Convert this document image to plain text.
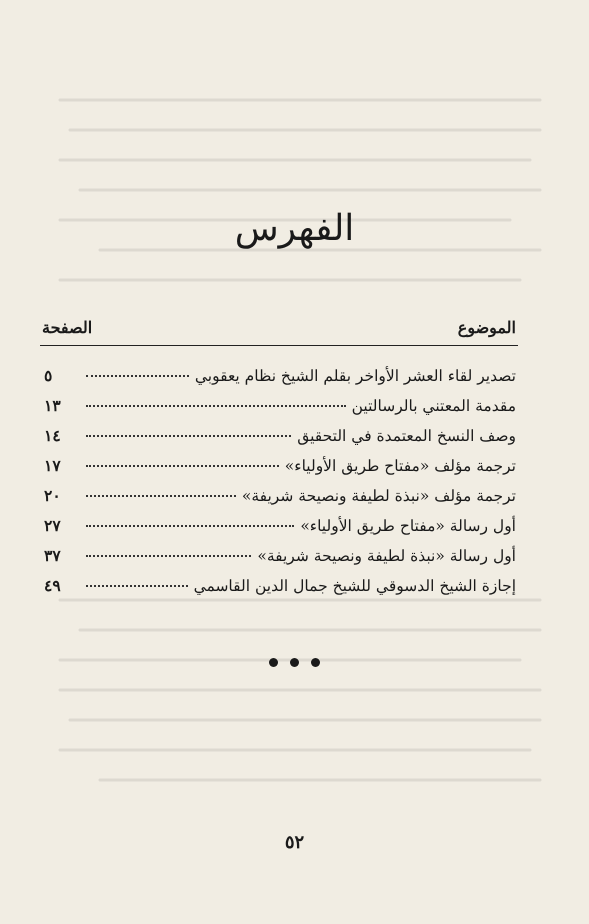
الفهرس
الصفحة	الموضوع
تصدير لقاء العشر الأواخر بقلم الشيخ نظام يعقوبي
٥
مقدمة المعتني بالرسالتين
١٣
وصف النسخ المعتمدة في التحقيق
١٤
ترجمة مؤلف «مفتاح طريق الأولياء»
١٧
ترجمة مؤلف «نبذة لطيفة ونصيحة شريفة»
٢٠
أول رسالة «مفتاح طريق الأولياء»
٢٧
أول رسالة «نبذة لطيفة ونصيحة شريفة»
٣٧
إجازة الشيخ الدسوقي للشيخ جمال الدين القاسمي
٤٩
٥٢
